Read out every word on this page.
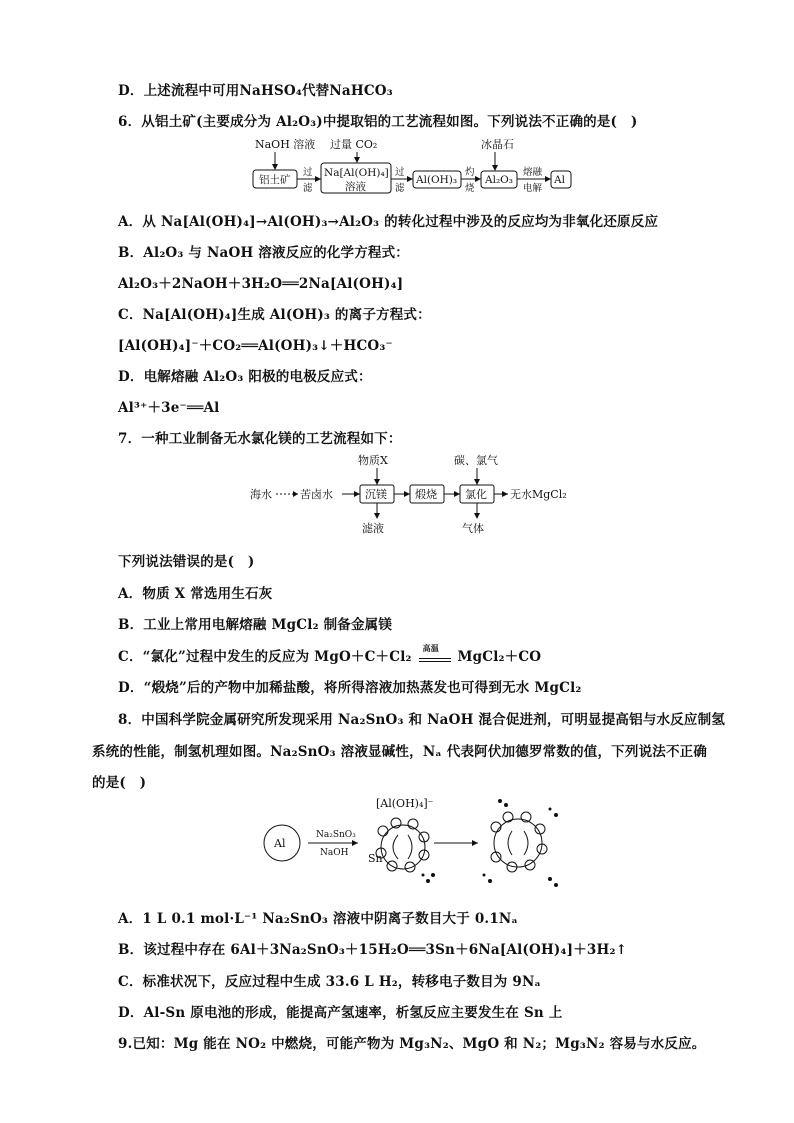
D．上述流程中可用NaHSO₄代替NaHCO₃
6．从铝土矿(主要成分为 Al₂O₃)中提取铝的工艺流程如图。下列说法不正确的是(　)
NaOH 溶液 过量 CO₂	冰晶石
铝土矿
Na[Al(OH)₄]
溶液
Al(OH)₃	Al₂O₃	Al
过
滤
过
滤
灼
烧
熔融
电解
A．从 Na[Al(OH)₄]→Al(OH)₃→Al₂O₃ 的转化过程中涉及的反应均为非氧化还原反应
B．Al₂O₃ 与 NaOH 溶液反应的化学方程式：
Al₂O₃＋2NaOH＋3H₂O══2Na[Al(OH)₄]
C．Na[Al(OH)₄]生成 Al(OH)₃ 的离子方程式：
[Al(OH)₄]⁻＋CO₂══Al(OH)₃↓＋HCO₃⁻
D．电解熔融 Al₂O₃ 阳极的电极反应式：
Al³⁺＋3e⁻══Al
7．一种工业制备无水氯化镁的工艺流程如下：
物质X	碳、氯气
海水	苦卤水	无水MgCl₂
滤液	气体
沉镁	煅烧	氯化
下列说法错误的是(　)
A．物质 X 常选用生石灰
B．工业上常用电解熔融 MgCl₂ 制备金属镁
C．“氯化”过程中发生的反应为 MgO＋C＋Cl₂
高温
MgCl₂＋CO
D．“煅烧”后的产物中加稀盐酸，将所得溶液加热蒸发也可得到无水 MgCl₂
8．中国科学院金属研究所发现采用 Na₂SnO₃ 和 NaOH 混合促进剂，可明显提高铝与水反应制氢
系统的性能，制氢机理如图。Na₂SnO₃ 溶液显碱性，Nₐ 代表阿伏加德罗常数的值，下列说法不正确
的是(　)
Al
[Al(OH)₄]⁻
Sn
Na₂SnO₃
NaOH
A．1 L 0.1 mol·L⁻¹ Na₂SnO₃ 溶液中阴离子数目大于 0.1Nₐ
B．该过程中存在 6Al＋3Na₂SnO₃＋15H₂O══3Sn＋6Na[Al(OH)₄]＋3H₂↑
C．标准状况下，反应过程中生成 33.6 L H₂，转移电子数目为 9Nₐ
D．Al-Sn 原电池的形成，能提高产氢速率，析氢反应主要发生在 Sn 上
9.已知：Mg 能在 NO₂ 中燃烧，可能产物为 Mg₃N₂、MgO 和 N₂；Mg₃N₂ 容易与水反应。
